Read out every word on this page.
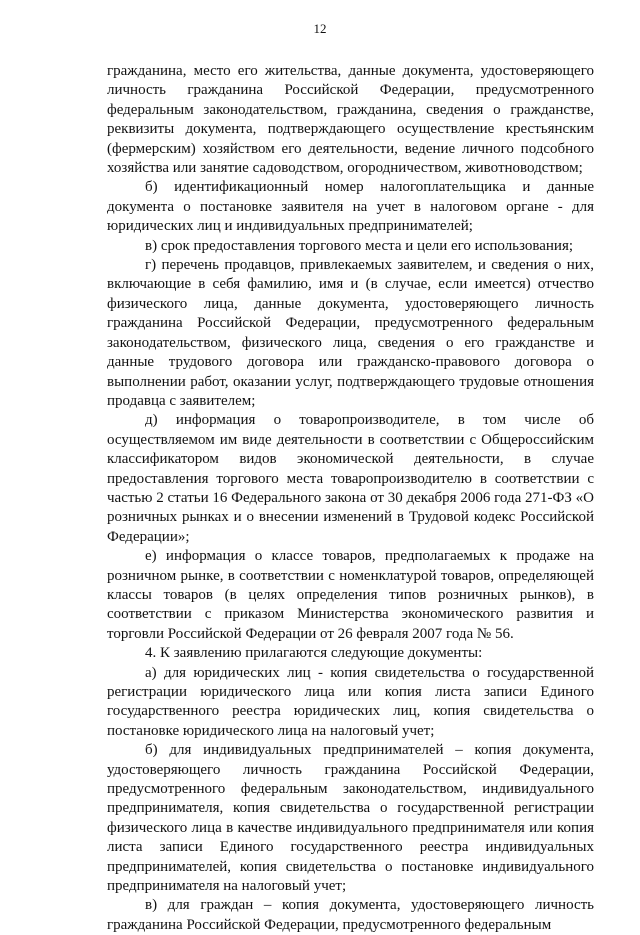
12

гражданина, место его жительства, данные документа, удостоверяющего личность гражданина Российской Федерации, предусмотренного федеральным законодательством, гражданина, сведения о гражданстве, реквизиты документа, подтверждающего осуществление крестьянским (фермерским) хозяйством его деятельности, ведение личного подсобного хозяйства или занятие садоводством, огородничеством, животноводством;

б) идентификационный номер налогоплательщика и данные документа о постановке заявителя на учет в налоговом органе - для юридических лиц и индивидуальных предпринимателей;

в) срок предоставления торгового места и цели его использования;

г) перечень продавцов, привлекаемых заявителем, и сведения о них, включающие в себя фамилию, имя и (в случае, если имеется) отчество физического лица, данные документа, удостоверяющего личность гражданина Российской Федерации, предусмотренного федеральным законодательством, физического лица, сведения о его гражданстве и данные трудового договора или гражданско-правового договора о выполнении работ, оказании услуг, подтверждающего трудовые отношения продавца с заявителем;

д) информация о товаропроизводителе, в том числе об осуществляемом им виде деятельности в соответствии с Общероссийским классификатором видов экономической деятельности, в случае предоставления торгового места товаропроизводителю в соответствии с частью 2 статьи 16 Федерального закона от 30 декабря 2006 года 271-ФЗ «О розничных рынках и о внесении изменений в Трудовой кодекс Российской Федерации»;

е) информация о классе товаров, предполагаемых к продаже на розничном рынке, в соответствии с номенклатурой товаров, определяющей классы товаров (в целях определения типов розничных рынков), в соответствии с приказом Министерства экономического развития и торговли Российской Федерации от 26 февраля 2007 года № 56.

4. К заявлению прилагаются следующие документы:

а) для юридических лиц - копия свидетельства о государственной регистрации юридического лица или копия листа записи Единого государственного реестра юридических лиц, копия свидетельства о постановке юридического лица на налоговый учет;

б) для индивидуальных предпринимателей – копия документа, удостоверяющего личность гражданина Российской Федерации, предусмотренного федеральным законодательством, индивидуального предпринимателя, копия свидетельства о государственной регистрации физического лица в качестве индивидуального предпринимателя или копия листа записи Единого государственного реестра индивидуальных предпринимателей, копия свидетельства о постановке индивидуального предпринимателя на налоговый учет;

в) для граждан – копия документа, удостоверяющего личность гражданина Российской Федерации, предусмотренного федеральным
